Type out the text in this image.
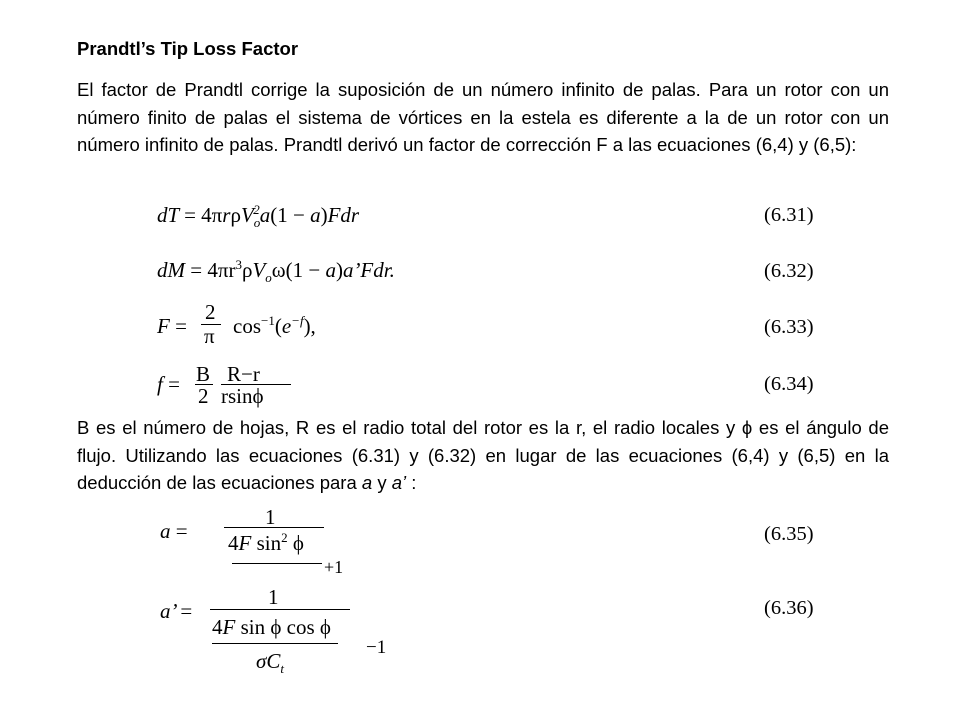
Prandtl’s Tip Loss Factor
El factor de Prandtl corrige la suposición de un número infinito de palas. Para un rotor con un número finito de palas el sistema de vórtices en la estela es diferente a la de un rotor con un número infinito de palas. Prandtl derivó un factor de corrección F a las ecuaciones (6,4) y (6,5):
dT = 4πrρV$_o^2$a(1 − a)Fdr	(6.31)
dM = $4\pi r^3\rho V_o\omega(1$ − a)a’Fdr.	(6.32)
F =
2
π $\cos^{-1}(e^{-f})$,	(6.33)
f = B
2
R−r
rsinϕ	(6.34)
B es el número de hojas, R es el radio total del rotor es la r, el radio locales y ϕ es el ángulo de flujo. Utilizando las ecuaciones (6.31) y (6.32) en lugar de las ecuaciones (6,4) y (6,5) en la deducción de las ecuaciones para a y a’ :
a =
1
4F $\sin^2 \phi$
+1
(6.35)
a’ =
1
4F sin ϕ cos ϕ
$\sigma C_t$
−1
(6.36)
